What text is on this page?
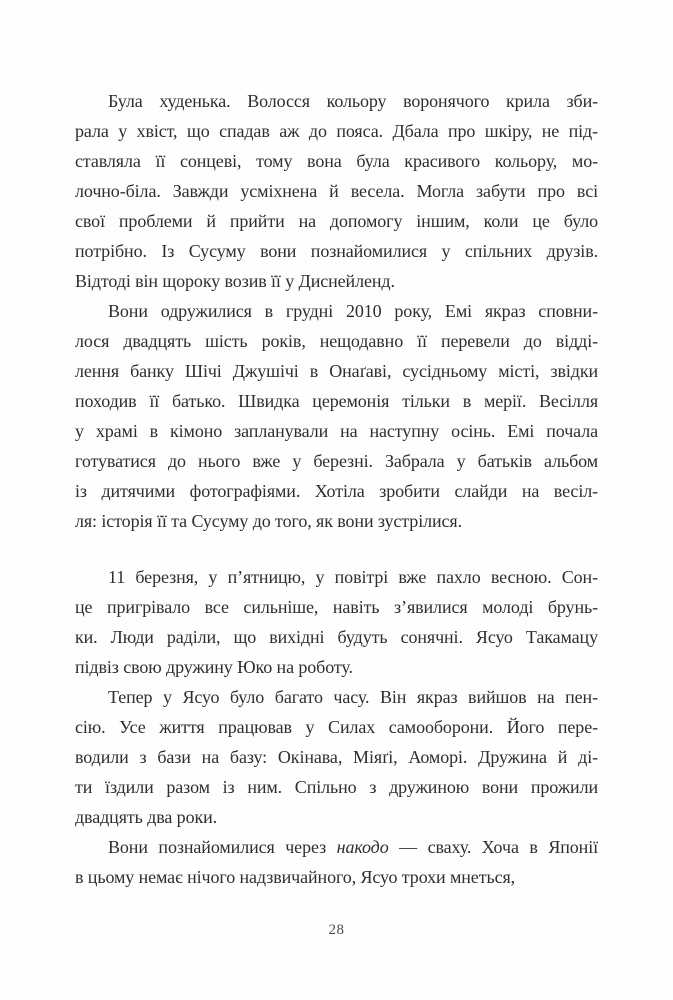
Була худенька. Волосся кольору воронячого крила зби-
рала у хвіст, що спадав аж до пояса. Дбала про шкіру, не під-
ставляла її сонцеві, тому вона була красивого кольору, мо-
лочно-біла. Завжди усміхнена й весела. Могла забути про всі
свої проблеми й прийти на допомогу іншим, коли це було
потрібно. Із Сусуму вони познайомилися у спільних друзів.
Відтоді він щороку возив її у Диснейленд.
Вони одружилися в грудні 2010 року, Емі якраз сповни-
лося двадцять шість років, нещодавно її перевели до відді-
лення банку Шічі Джушічі в Онаґаві, сусідньому місті, звідки
походив її батько. Швидка церемонія тільки в мерії. Весілля
у храмі в кімоно запланували на наступну осінь. Емі почала
готуватися до нього вже у березні. Забрала у батьків альбом
із дитячими фотографіями. Хотіла зробити слайди на весіл-
ля: історія її та Сусуму до того, як вони зустрілися.
11 березня, у п’ятницю, у повітрі вже пахло весною. Сон-
це пригрівало все сильніше, навіть з’явилися молоді брунь-
ки. Люди раділи, що вихідні будуть сонячні. Ясуо Такамацу
підвіз свою дружину Юко на роботу.
Тепер у Ясуо було багато часу. Він якраз вийшов на пен-
сію. Усе життя працював у Силах самооборони. Його пере-
водили з бази на базу: Окінава, Міяґі, Аоморі. Дружина й ді-
ти їздили разом із ним. Спільно з дружиною вони прожили
двадцять два роки.
Вони познайомилися через накодо — сваху. Хоча в Японії
в цьому немає нічого надзвичайного, Ясуо трохи мнеться,
28
